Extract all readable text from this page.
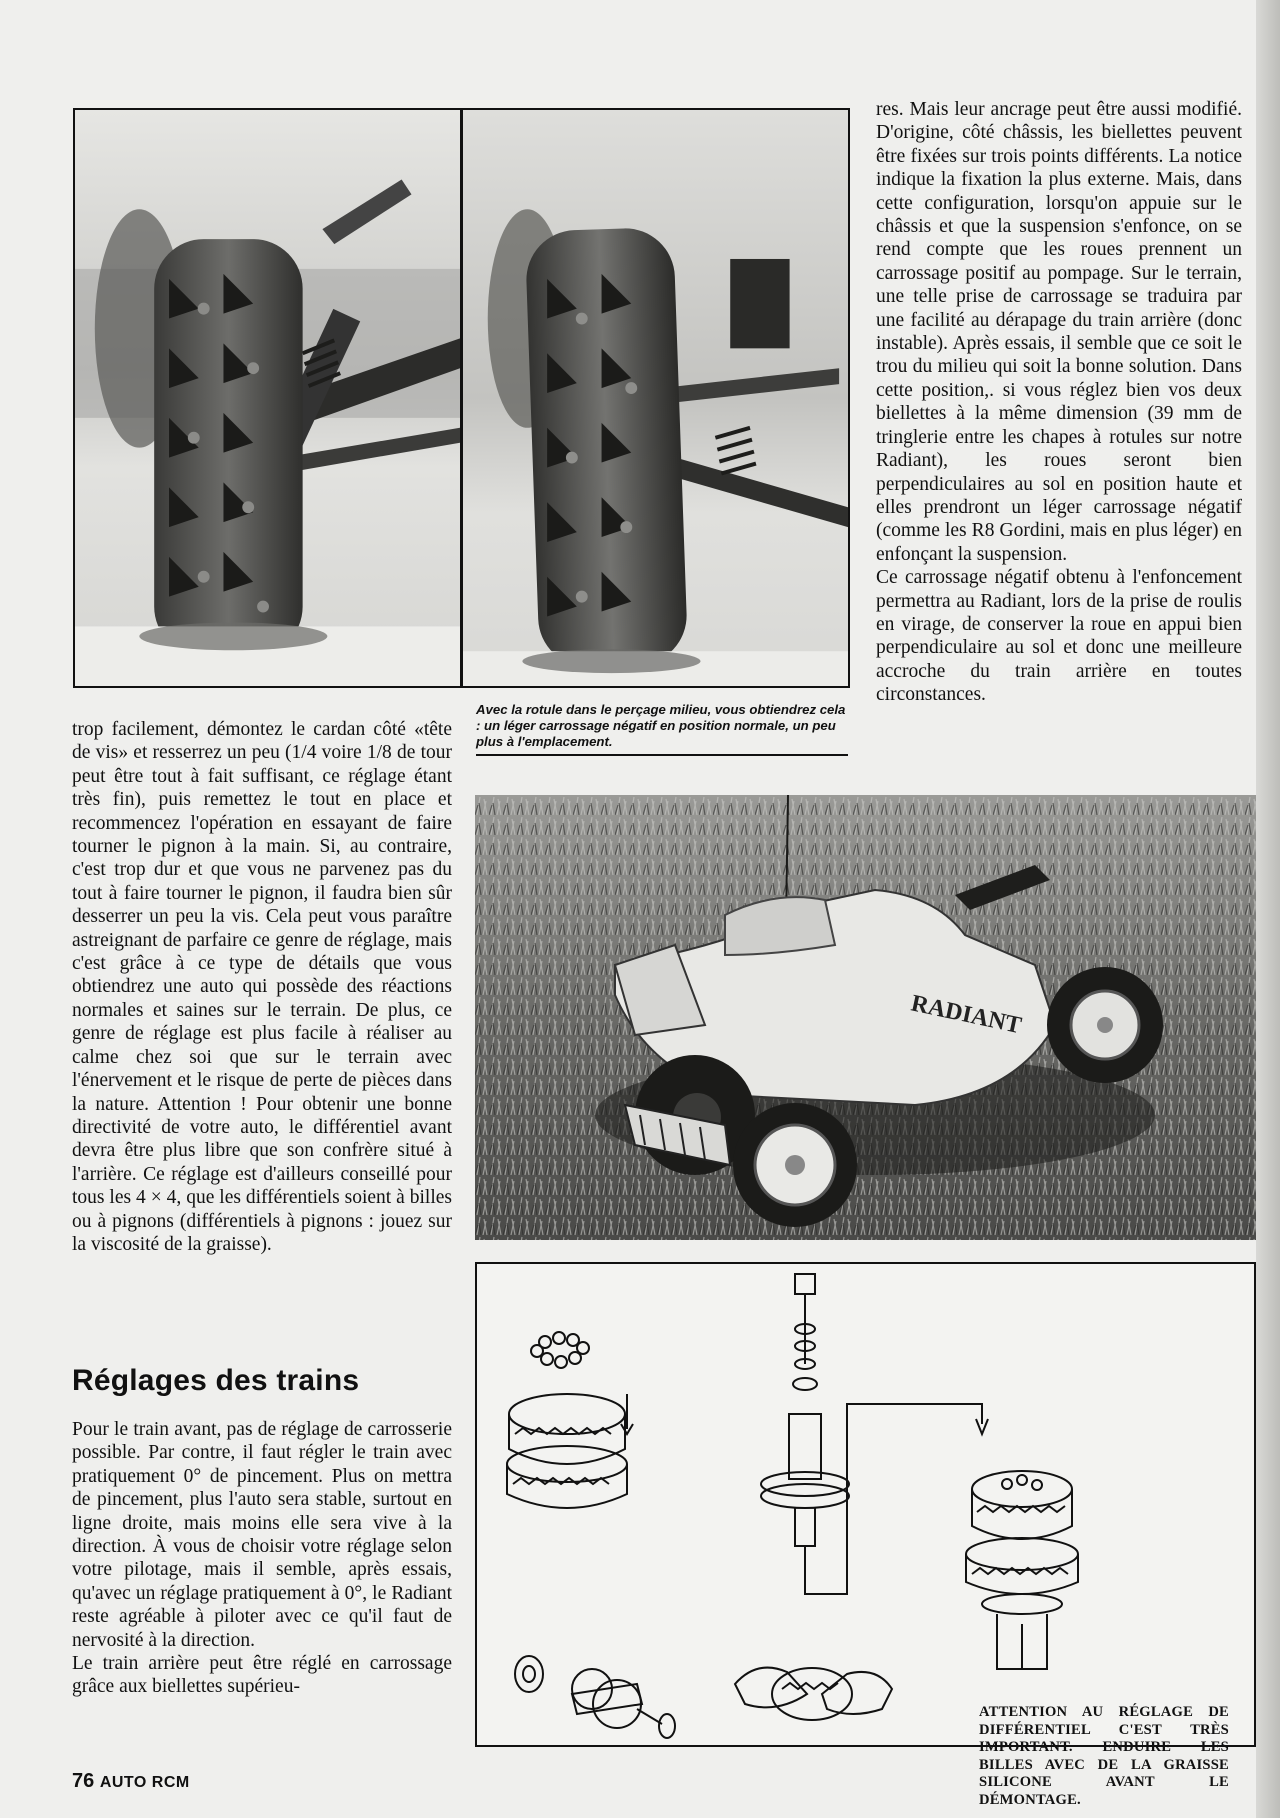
res. Mais leur ancrage peut être aussi modifié. D'origine, côté châssis, les biellettes peuvent être fixées sur trois points différents. La notice indique la fixation la plus externe. Mais, dans cette configuration, lorsqu'on appuie sur le châssis et que la suspension s'enfonce, on se rend compte que les roues prennent un carrossage positif au pompage. Sur le terrain, une telle prise de carrossage se traduira par une facilité au dérapage du train arrière (donc instable). Après essais, il semble que ce soit le trou du milieu qui soit la bonne solution. Dans cette position,. si vous réglez bien vos deux biellettes à la même dimension (39 mm de tringlerie entre les chapes à rotules sur notre Radiant), les roues seront bien perpendiculaires au sol en position haute et elles prendront un léger carrossage négatif (comme les R8 Gordini, mais en plus léger) en enfonçant la suspension.

Ce carrossage négatif obtenu à l'enfoncement permettra au Radiant, lors de la prise de roulis en virage, de conserver la roue en appui bien perpendiculaire au sol et donc une meilleure accroche du train arrière en toutes circonstances.

Avec la rotule dans le perçage milieu, vous obtiendrez cela : un léger carrossage négatif en position normale, un peu plus à l'emplacement.

trop facilement, démontez le cardan côté «tête de vis» et resserrez un peu (1/4 voire 1/8 de tour peut être tout à fait suffisant, ce réglage étant très fin), puis remettez le tout en place et recommencez l'opération en essayant de faire tourner le pignon à la main. Si, au contraire, c'est trop dur et que vous ne parvenez pas du tout à faire tourner le pignon, il faudra bien sûr desserrer un peu la vis. Cela peut vous paraître astreignant de parfaire ce genre de réglage, mais c'est grâce à ce type de détails que vous obtiendrez une auto qui possède des réactions normales et saines sur le terrain. De plus, ce genre de réglage est plus facile à réaliser au calme chez soi que sur le terrain avec l'énervement et le risque de perte de pièces dans la nature. Attention ! Pour obtenir une bonne directivité de votre auto, le différentiel avant devra être plus libre que son confrère situé à l'arrière. Ce réglage est d'ailleurs conseillé pour tous les 4 × 4, que les différentiels soient à billes ou à pignons (différentiels à pignons : jouez sur la viscosité de la graisse).

RADIANT
ATTENTION AU RÉGLAGE DE DIFFÉRENTIEL C'EST TRÈS IMPORTANT. ENDUIRE LES BILLES AVEC DE LA GRAISSE SILICONE AVANT LE DÉMONTAGE.
Réglages des trains

Pour le train avant, pas de réglage de carrosserie possible. Par contre, il faut régler le train avec pratiquement 0° de pincement. Plus on mettra de pincement, plus l'auto sera stable, surtout en ligne droite, mais moins elle sera vive à la direction. À vous de choisir votre réglage selon votre pilotage, mais il semble, après essais, qu'avec un réglage pratiquement à 0°, le Radiant reste agréable à piloter avec ce qu'il faut de nervosité à la direction.

Le train arrière peut être réglé en carrossage grâce aux biellettes supérieu-

76 AUTO RCM
